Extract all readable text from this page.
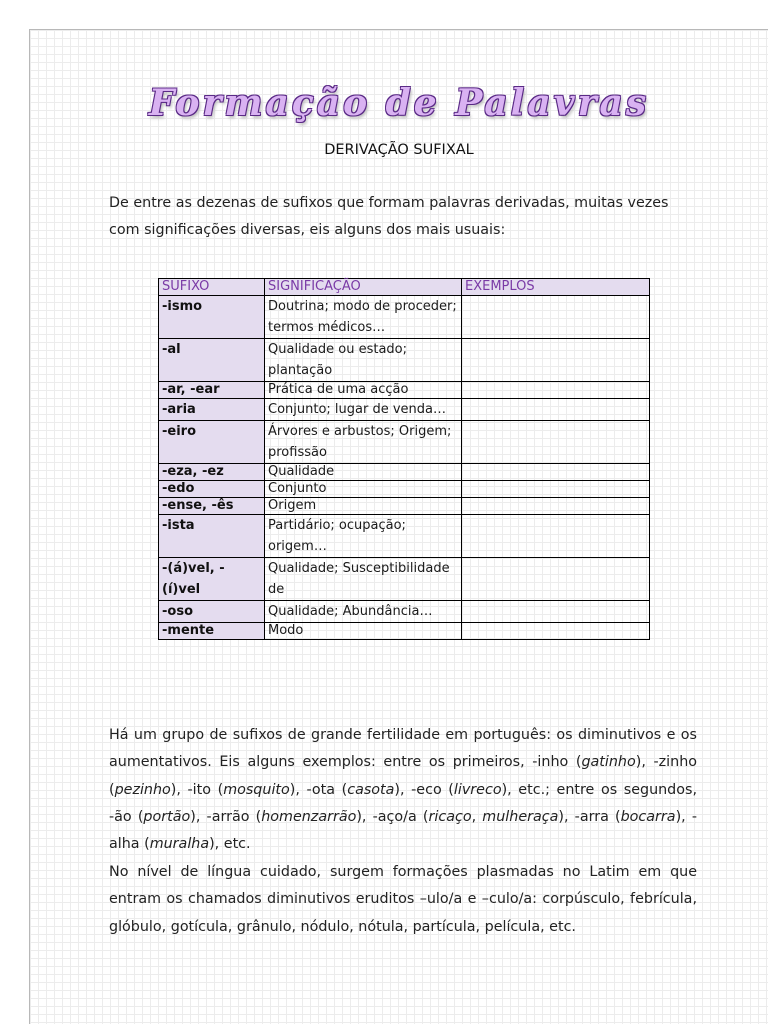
Formação de Palavras
DERIVAÇÃO SUFIXAL
De entre as dezenas de sufixos que formam palavras derivadas, muitas vezes com significações diversas, eis alguns dos mais usuais:
SUFIXO	SIGNIFICAÇÃO	EXEMPLOS
-ismo	Doutrina; modo de proceder; termos médicos…	
-al	Qualidade ou estado; plantação	
-ar, -ear	Prática de uma acção	
-aria	Conjunto; lugar de venda…	
-eiro	Árvores e arbustos; Origem; profissão	
-eza, -ez	Qualidade	
-edo	Conjunto	
-ense, -ês	Origem	
-ista	Partidário; ocupação; origem…	
-(á)vel, -(í)vel	Qualidade; Susceptibilidade de	
-oso	Qualidade; Abundância…	
-mente	Modo	

Há um grupo de sufixos de grande fertilidade em português: os diminutivos e os aumentativos. Eis alguns exemplos: entre os primeiros, -inho (gatinho), -zinho (pezinho), -ito (mosquito), -ota (casota), -eco (livreco), etc.; entre os segundos, -ão (portão), -arrão (homenzarrão), -aço/a (ricaço, mulheraça), -arra (bocarra), -alha (muralha), etc.

No nível de língua cuidado, surgem formações plasmadas no Latim em que entram os chamados diminutivos eruditos –ulo/a e –culo/a: corpúsculo, febrícula, glóbulo, gotícula, grânulo, nódulo, nótula, partícula, película, etc.
